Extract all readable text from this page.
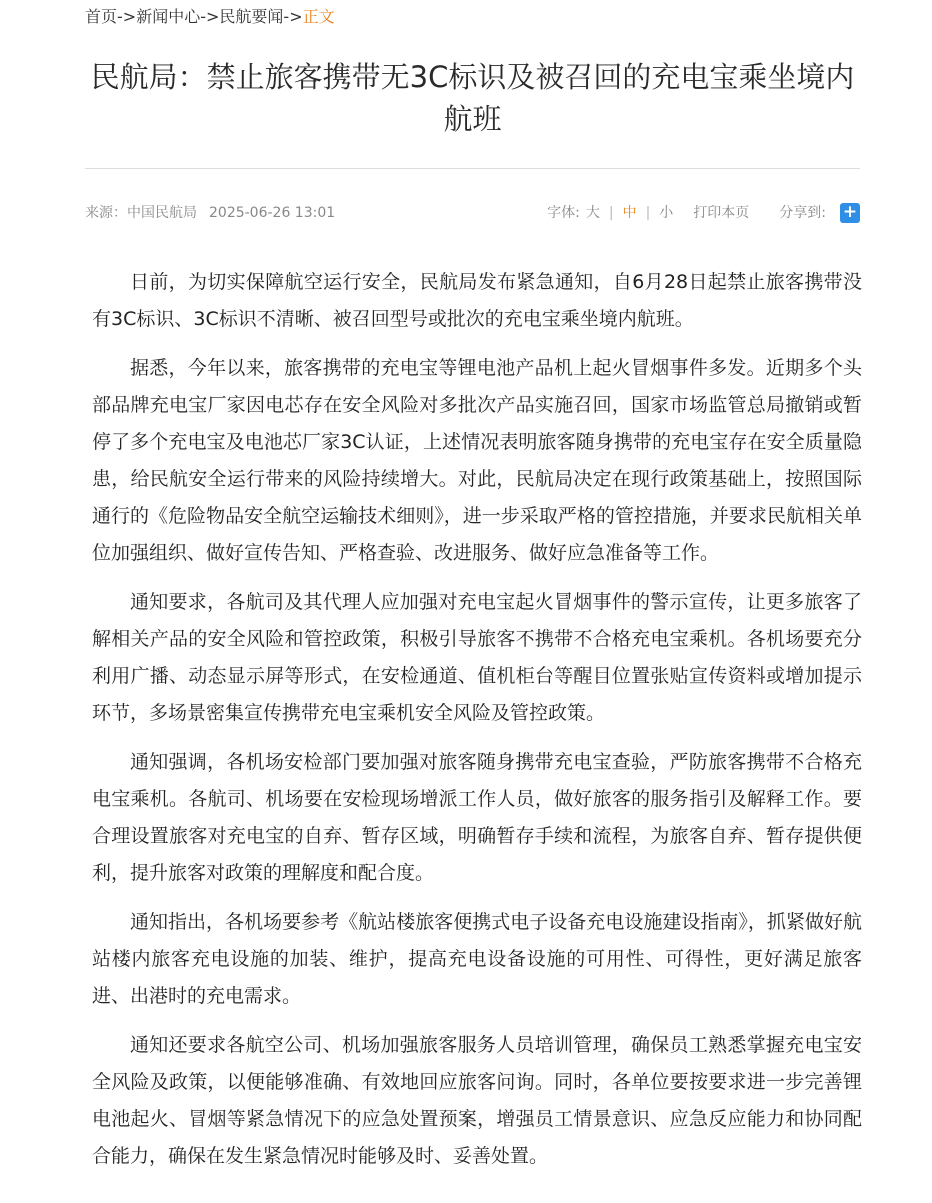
首页->新闻中心->民航要闻->正文
民航局：禁止旅客携带无3C标识及被召回的充电宝乘坐境内航班
来源：中国民航局 2025-06-26 13:01	字体: 大 | 中 | 小 打印本页 分享到: +

日前，为切实保障航空运行安全，民航局发布紧急通知，自6月28日起禁止旅客携带没有3C标识、3C标识不清晰、被召回型号或批次的充电宝乘坐境内航班。

据悉，今年以来，旅客携带的充电宝等锂电池产品机上起火冒烟事件多发。近期多个头部品牌充电宝厂家因电芯存在安全风险对多批次产品实施召回，国家市场监管总局撤销或暂停了多个充电宝及电池芯厂家3C认证，上述情况表明旅客随身携带的充电宝存在安全质量隐患，给民航安全运行带来的风险持续增大。对此，民航局决定在现行政策基础上，按照国际通行的《危险物品安全航空运输技术细则》，进一步采取严格的管控措施，并要求民航相关单位加强组织、做好宣传告知、严格查验、改进服务、做好应急准备等工作。

通知要求，各航司及其代理人应加强对充电宝起火冒烟事件的警示宣传，让更多旅客了解相关产品的安全风险和管控政策，积极引导旅客不携带不合格充电宝乘机。各机场要充分利用广播、动态显示屏等形式，在安检通道、值机柜台等醒目位置张贴宣传资料或增加提示环节，多场景密集宣传携带充电宝乘机安全风险及管控政策。

通知强调，各机场安检部门要加强对旅客随身携带充电宝查验，严防旅客携带不合格充电宝乘机。各航司、机场要在安检现场增派工作人员，做好旅客的服务指引及解释工作。要合理设置旅客对充电宝的自弃、暂存区域，明确暂存手续和流程，为旅客自弃、暂存提供便利，提升旅客对政策的理解度和配合度。

通知指出，各机场要参考《航站楼旅客便携式电子设备充电设施建设指南》，抓紧做好航站楼内旅客充电设施的加装、维护，提高充电设备设施的可用性、可得性，更好满足旅客进、出港时的充电需求。

通知还要求各航空公司、机场加强旅客服务人员培训管理，确保员工熟悉掌握充电宝安全风险及政策，以便能够准确、有效地回应旅客问询。同时，各单位要按要求进一步完善锂电池起火、冒烟等紧急情况下的应急处置预案，增强员工情景意识、应急反应能力和协同配合能力，确保在发生紧急情况时能够及时、妥善处置。
